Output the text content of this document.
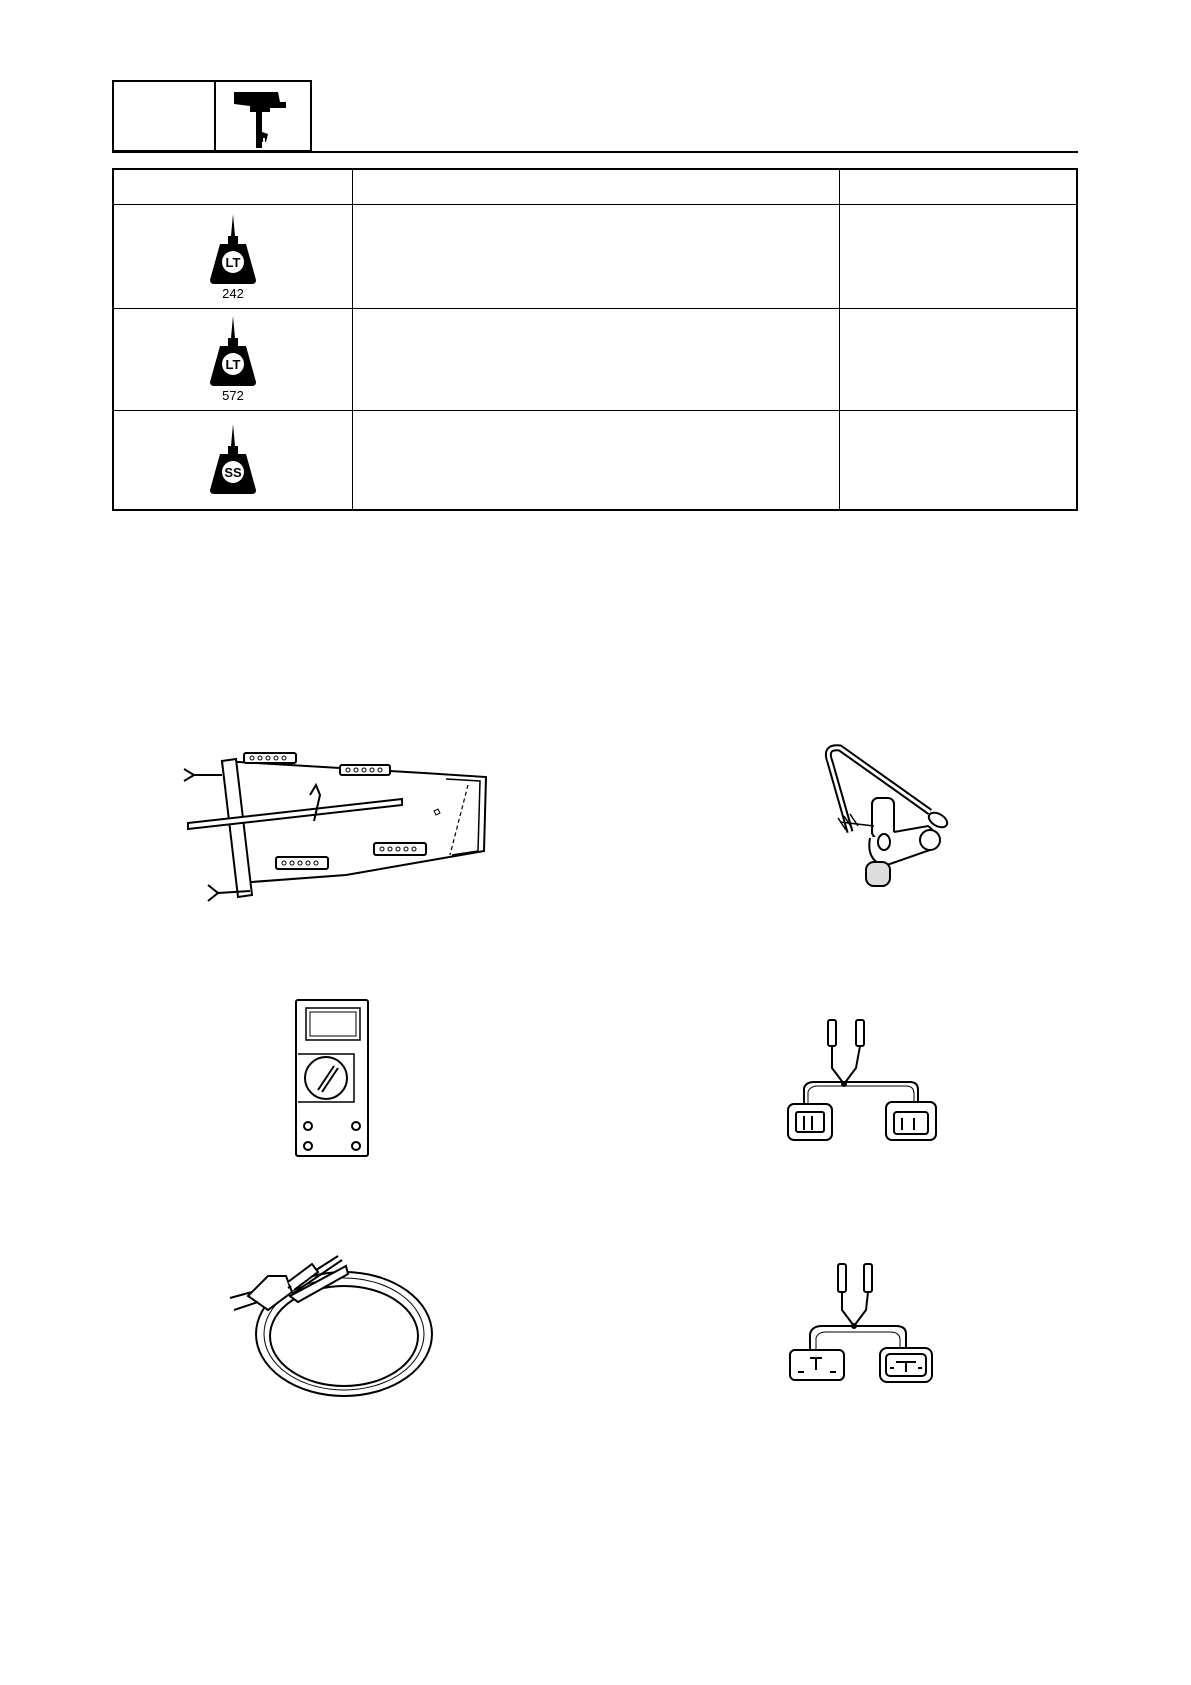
LT
242
LT
572
SS
